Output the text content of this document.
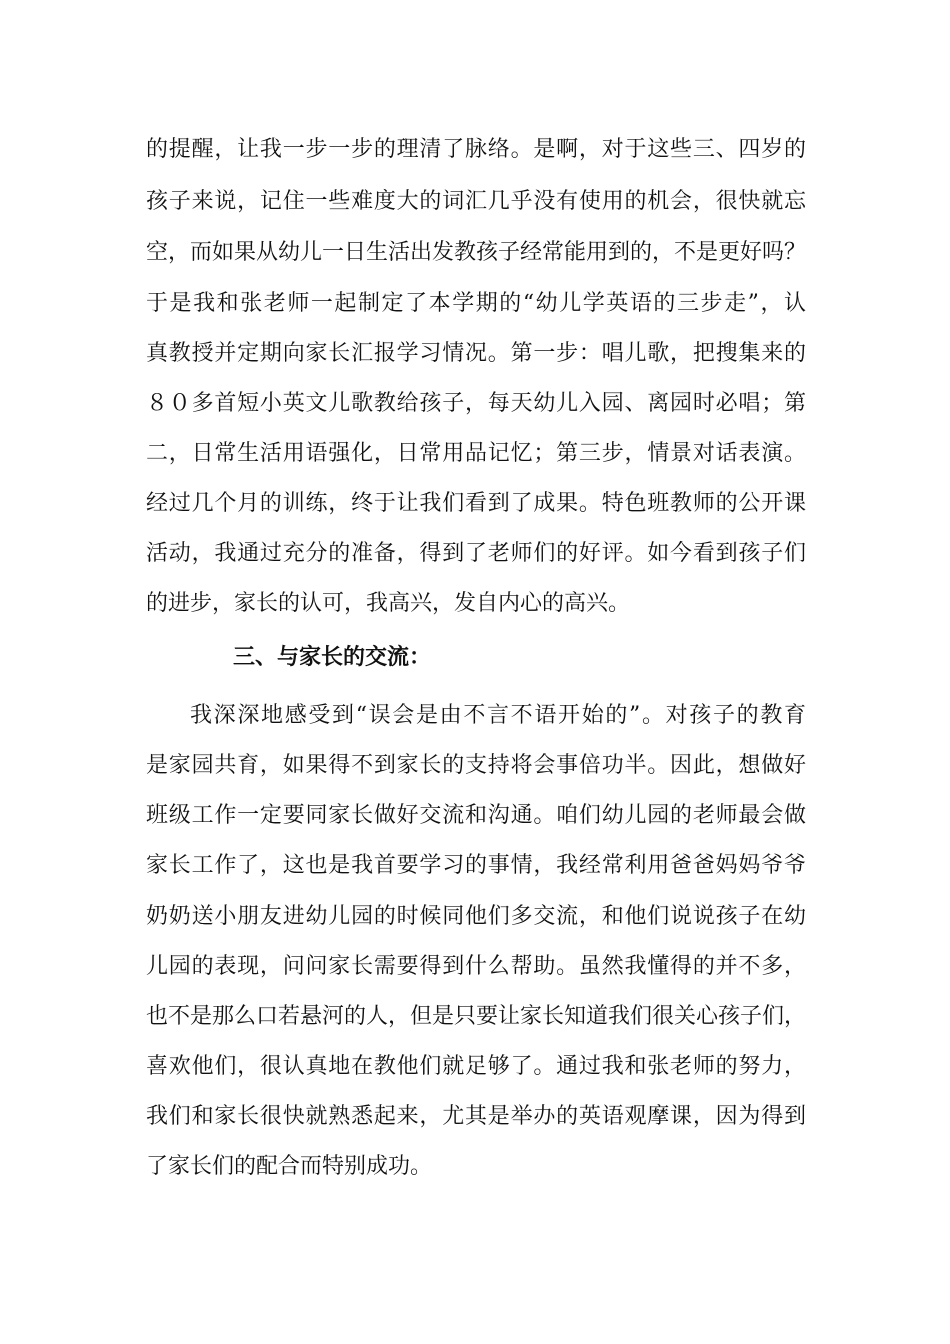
的提醒，让我一步一步的理清了脉络。是啊，对于这些三、四岁的
孩子来说，记住一些难度大的词汇几乎没有使用的机会，很快就忘
空，而如果从幼儿一日生活出发教孩子经常能用到的，不是更好吗？
于是我和张老师一起制定了本学期的“幼儿学英语的三步走”，认
真教授并定期向家长汇报学习情况。第一步：唱儿歌，把搜集来的
８０多首短小英文儿歌教给孩子，每天幼儿入园、离园时必唱；第
二，日常生活用语强化，日常用品记忆；第三步，情景对话表演。
经过几个月的训练，终于让我们看到了成果。特色班教师的公开课
活动，我通过充分的准备，得到了老师们的好评。如今看到孩子们
的进步，家长的认可，我高兴，发自内心的高兴。
三、与家长的交流：
我深深地感受到“误会是由不言不语开始的”。对孩子的教育
是家园共育，如果得不到家长的支持将会事倍功半。因此，想做好
班级工作一定要同家长做好交流和沟通。咱们幼儿园的老师最会做
家长工作了，这也是我首要学习的事情，我经常利用爸爸妈妈爷爷
奶奶送小朋友进幼儿园的时候同他们多交流，和他们说说孩子在幼
儿园的表现，问问家长需要得到什么帮助。虽然我懂得的并不多，
也不是那么口若悬河的人，但是只要让家长知道我们很关心孩子们，
喜欢他们，很认真地在教他们就足够了。通过我和张老师的努力，
我们和家长很快就熟悉起来，尤其是举办的英语观摩课，因为得到
了家长们的配合而特别成功。
